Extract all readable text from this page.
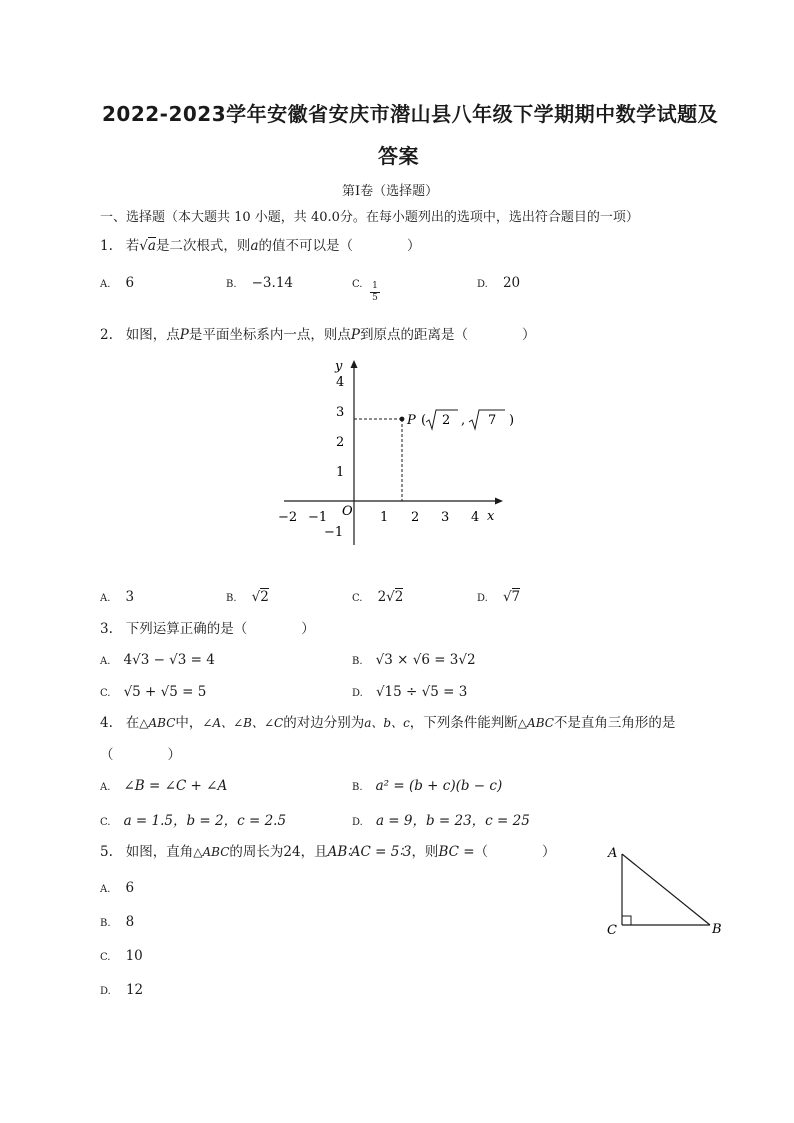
2022-2023学年安徽省安庆市潜山县八年级下学期期中数学试题及
答案
第Ⅰ卷（选择题）
一、选择题（本大题共 10 小题，共 40.0分。在每小题列出的选项中，选出符合题目的一项）
1. 若√a是二次根式，则a的值不可以是（　　　　）
A. 6	B. −3.14	C. 1
5
D. 20
2. 如图，点P是平面坐标系内一点，则点P到原点的距离是（　　　　）
y
x
O
−2 −1	1 2 3 4
4
3
2
1
−1
P ( 2 , 7 )
A. 3	B. √2	C. 2√2	D. √7
3. 下列运算正确的是（　　　　）
A. 4√3 − √3 = 4	B. √3 × √6 = 3√2
C. √5 + √5 = 5	D. √15 ÷ √5 = 3
4. 在△ABC中，∠A、∠B、∠C的对边分别为a、b、c，下列条件能判断△ABC不是直角三角形的是
（　　　　）
A. ∠B = ∠C + ∠A	B. a² = (b + c)(b − c)
C. a = 1.5，b = 2，c = 2.5	D. a = 9，b = 23，c = 25
5. 如图，直角△ABC的周长为24，且AB∶AC = 5∶3，则BC =（　　　　）	A
C	B
A. 6
B. 8
C. 10
D. 12
